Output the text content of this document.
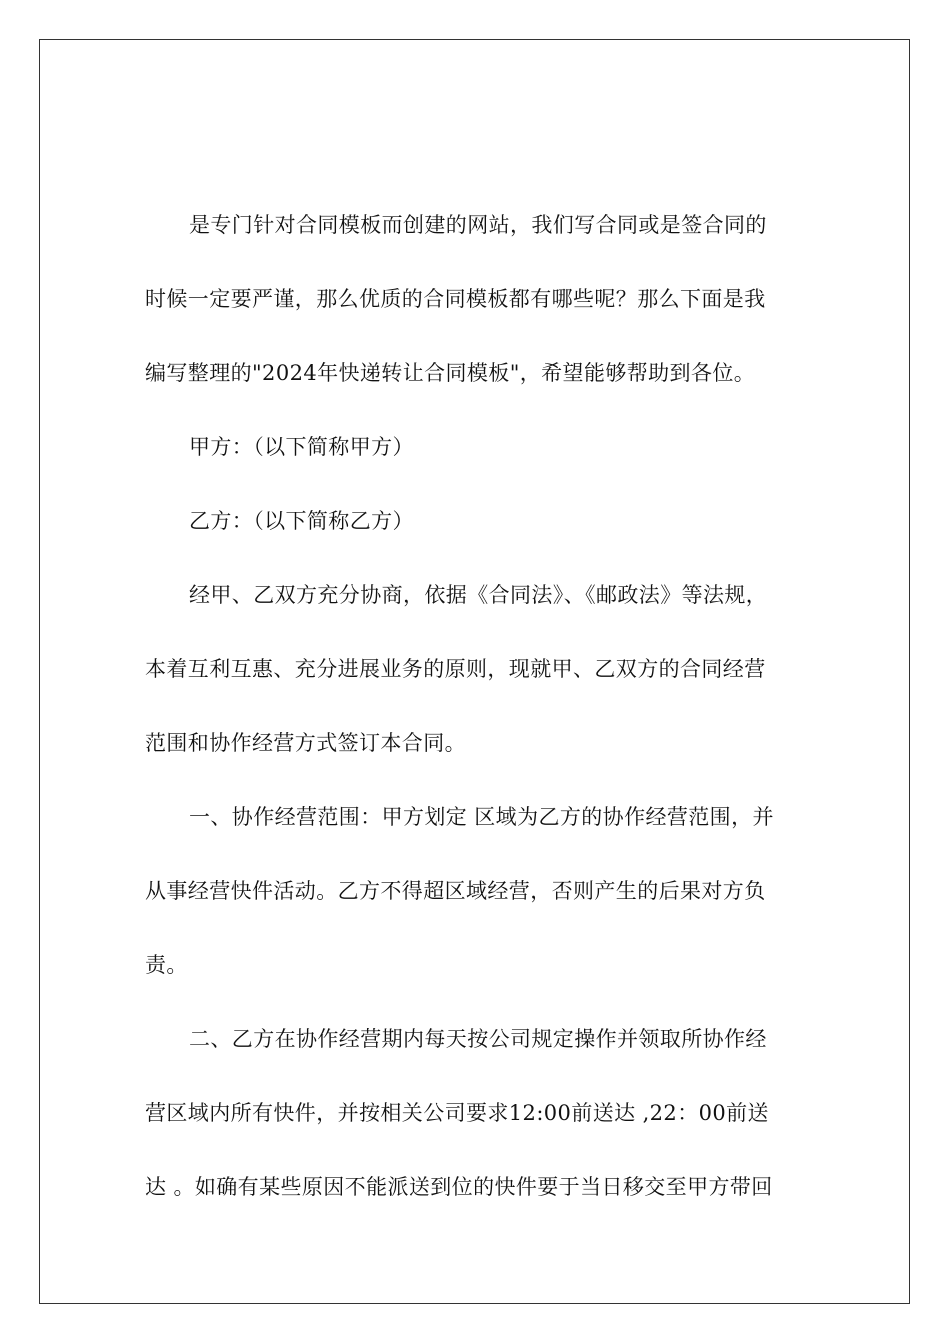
是专门针对合同模板而创建的网站，我们写合同或是签合同的
时候一定要严谨，那么优质的合同模板都有哪些呢？那么下面是我
编写整理的"2024年快递转让合同模板"，希望能够帮助到各位。
甲方：（以下简称甲方）
乙方：（以下简称乙方）
经甲、乙双方充分协商，依据《合同法》、《邮政法》等法规，
本着互利互惠、充分进展业务的原则，现就甲、乙双方的合同经营
范围和协作经营方式签订本合同。
一、协作经营范围：甲方划定 区域为乙方的协作经营范围，并
从事经营快件活动。乙方不得超区域经营，否则产生的后果对方负
责。
二、乙方在协作经营期内每天按公司规定操作并领取所协作经
营区域内所有快件，并按相关公司要求12:00前送达 ,22：00前送
达 。如确有某些原因不能派送到位的快件要于当日移交至甲方带回
